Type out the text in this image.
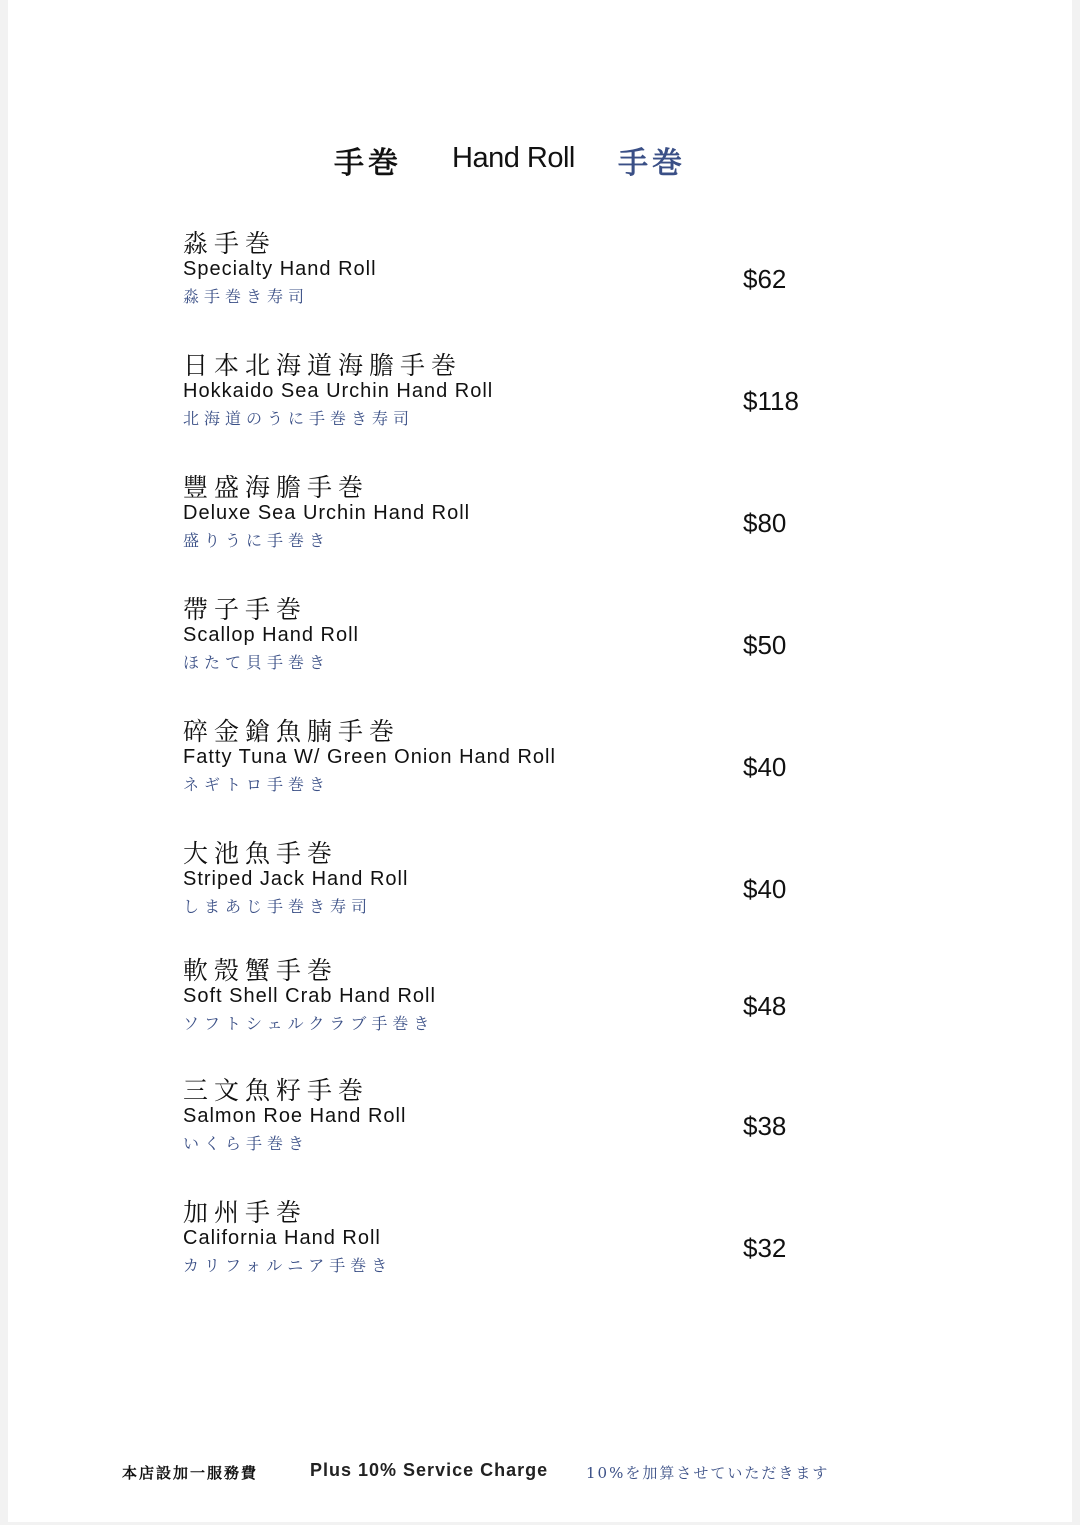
手巻 Hand Roll 手巻
淼手巻
Specialty Hand Roll
淼手巻き寿司
$62
日本北海道海膽手巻
Hokkaido Sea Urchin Hand Roll
北海道のうに手巻き寿司
$118
豐盛海膽手巻
Deluxe Sea Urchin Hand Roll
盛りうに手巻き
$80
帶子手巻
Scallop Hand Roll
ほたて貝手巻き
$50
碎金鎗魚腩手巻
Fatty Tuna W/ Green Onion Hand Roll
ネギトロ手巻き
$40
大池魚手巻
Striped Jack Hand Roll
しまあじ手巻き寿司
$40
軟殼蟹手巻
Soft Shell Crab Hand Roll
ソフトシェルクラブ手巻き
$48
三文魚籽手巻
Salmon Roe Hand Roll
いくら手巻き
$38
加州手巻
California Hand Roll
カリフォルニア手巻き
$32
本店設加一服務費	Plus 10% Service Charge	10%を加算させていただきます
